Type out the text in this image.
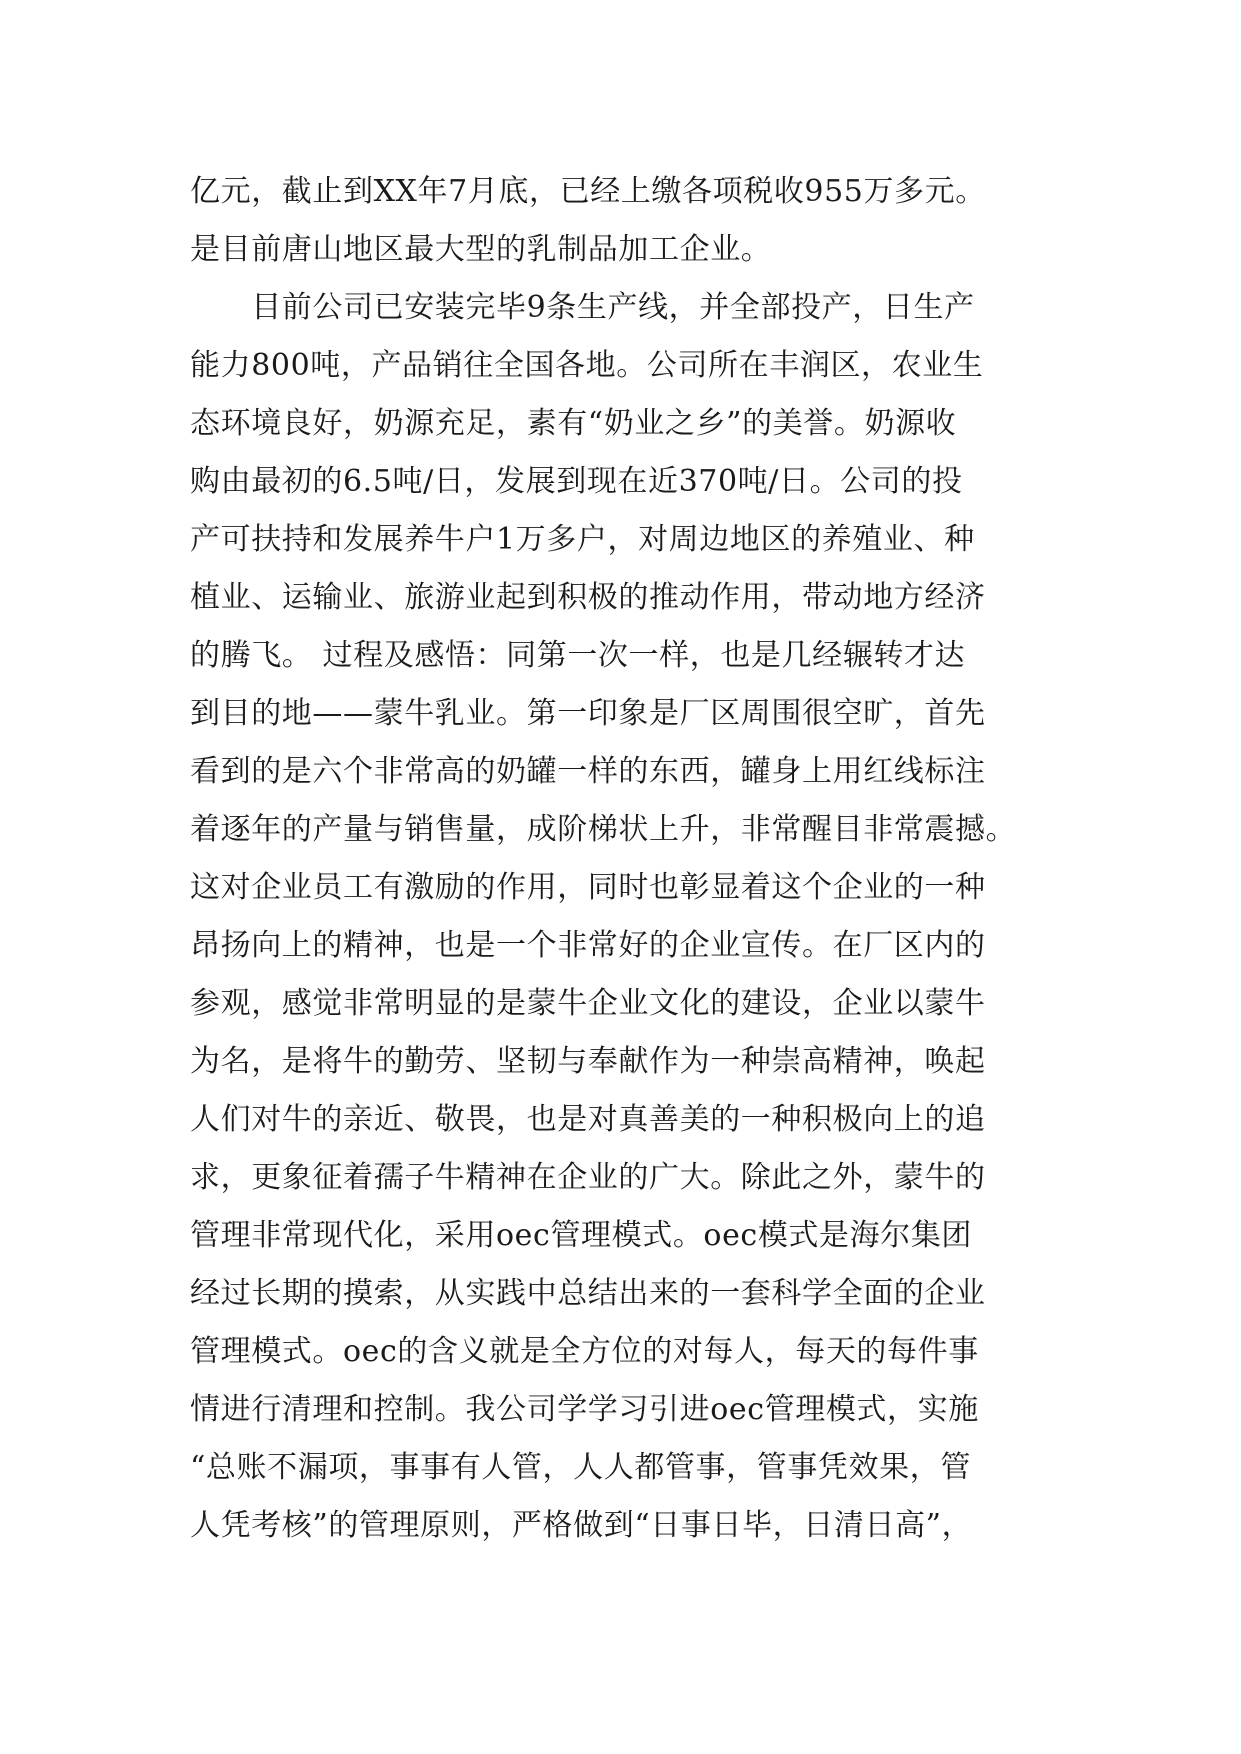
亿元，截止到XX年7月底，已经上缴各项税收955万多元。
是目前唐山地区最大型的乳制品加工企业。
　　目前公司已安装完毕9条生产线，并全部投产，日生产
能力800吨，产品销往全国各地。公司所在丰润区，农业生
态环境良好，奶源充足，素有“奶业之乡”的美誉。奶源收
购由最初的6.5吨/日，发展到现在近370吨/日。公司的投
产可扶持和发展养牛户1万多户，对周边地区的养殖业、种
植业、运输业、旅游业起到积极的推动作用，带动地方经济
的腾飞。 过程及感悟：同第一次一样，也是几经辗转才达
到目的地——蒙牛乳业。第一印象是厂区周围很空旷，首先
看到的是六个非常高的奶罐一样的东西，罐身上用红线标注
着逐年的产量与销售量，成阶梯状上升，非常醒目非常震撼。
这对企业员工有激励的作用，同时也彰显着这个企业的一种
昂扬向上的精神，也是一个非常好的企业宣传。在厂区内的
参观，感觉非常明显的是蒙牛企业文化的建设，企业以蒙牛
为名，是将牛的勤劳、坚韧与奉献作为一种崇高精神，唤起
人们对牛的亲近、敬畏，也是对真善美的一种积极向上的追
求，更象征着孺子牛精神在企业的广大。除此之外，蒙牛的
管理非常现代化，采用oec管理模式。oec模式是海尔集团
经过长期的摸索，从实践中总结出来的一套科学全面的企业
管理模式。oec的含义就是全方位的对每人，每天的每件事
情进行清理和控制。我公司学学习引进oec管理模式，实施
“总账不漏项，事事有人管，人人都管事，管事凭效果，管
人凭考核”的管理原则，严格做到“日事日毕，日清日高”，
